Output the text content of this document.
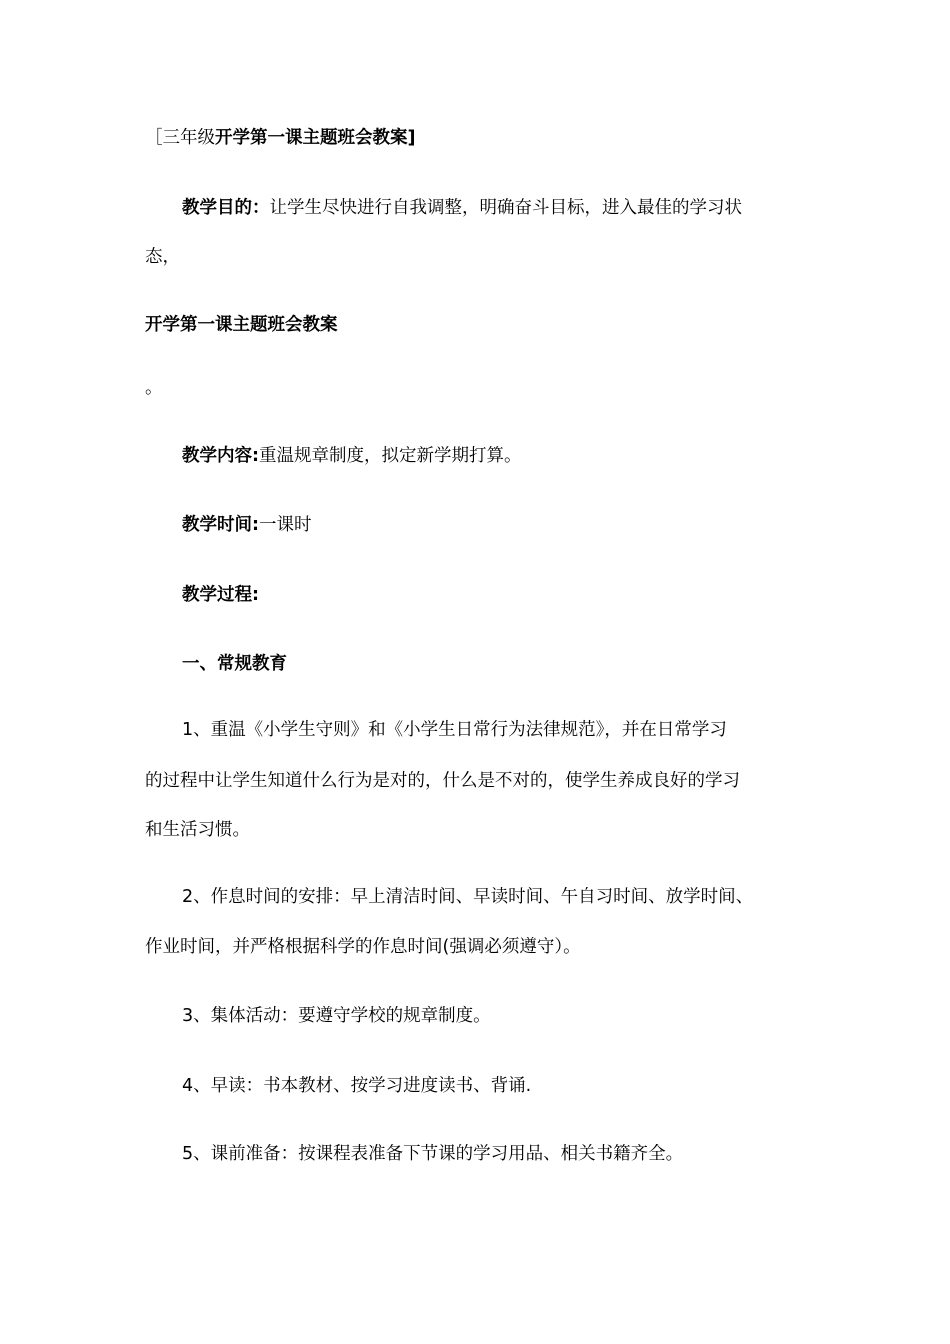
［三年级开学第一课主题班会教案]
教学目的：让学生尽快进行自我调整，明确奋斗目标，进入最佳的学习状
态，
开学第一课主题班会教案
。
教学内容:重温规章制度，拟定新学期打算。
教学时间:一课时
教学过程:
一、常规教育
1、重温《小学生守则》和《小学生日常行为法律规范》，并在日常学习
的过程中让学生知道什么行为是对的，什么是不对的，使学生养成良好的学习
和生活习惯。
2、作息时间的安排：早上清洁时间、早读时间、午自习时间、放学时间、
作业时间，并严格根据科学的作息时间(强调必须遵守）。
3、集体活动：要遵守学校的规章制度。
4、早读：书本教材、按学习进度读书、背诵.
5、课前准备：按课程表准备下节课的学习用品、相关书籍齐全。
